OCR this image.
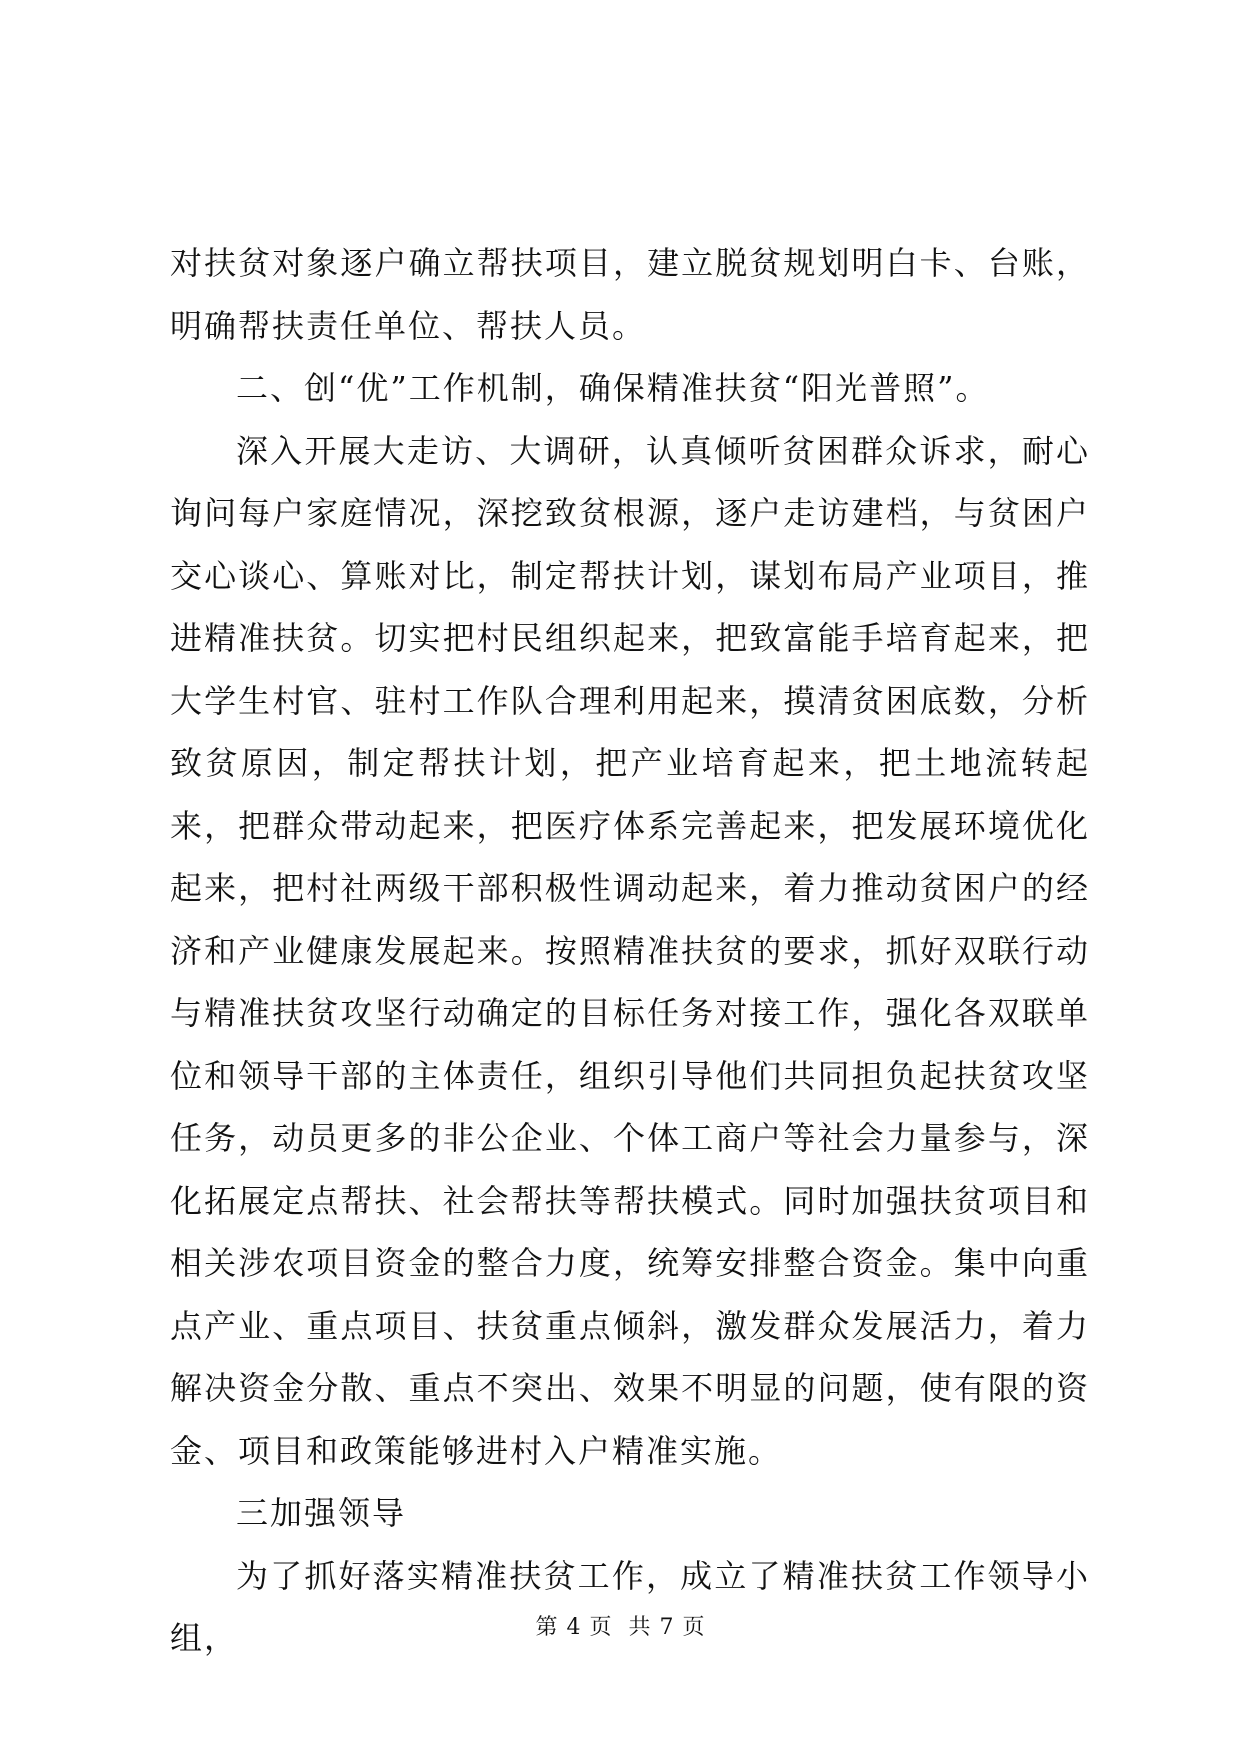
对扶贫对象逐户确立帮扶项目，建立脱贫规划明白卡、台账，明确帮扶责任单位、帮扶人员。

二、创“优”工作机制，确保精准扶贫“阳光普照”。

深入开展大走访、大调研，认真倾听贫困群众诉求，耐心询问每户家庭情况，深挖致贫根源，逐户走访建档，与贫困户交心谈心、算账对比，制定帮扶计划，谋划布局产业项目，推进精准扶贫。切实把村民组织起来，把致富能手培育起来，把大学生村官、驻村工作队合理利用起来，摸清贫困底数，分析致贫原因，制定帮扶计划，把产业培育起来，把土地流转起来，把群众带动起来，把医疗体系完善起来，把发展环境优化起来，把村社两级干部积极性调动起来，着力推动贫困户的经济和产业健康发展起来。按照精准扶贫的要求，抓好双联行动与精准扶贫攻坚行动确定的目标任务对接工作，强化各双联单位和领导干部的主体责任，组织引导他们共同担负起扶贫攻坚任务，动员更多的非公企业、个体工商户等社会力量参与，深化拓展定点帮扶、社会帮扶等帮扶模式。同时加强扶贫项目和相关涉农项目资金的整合力度，统筹安排整合资金。集中向重点产业、重点项目、扶贫重点倾斜，激发群众发展活力，着力解决资金分散、重点不突出、效果不明显的问题，使有限的资金、项目和政策能够进村入户精准实施。

三加强领导

为了抓好落实精准扶贫工作，成立了精准扶贫工作领导小组，	第 4 页  共 7 页
